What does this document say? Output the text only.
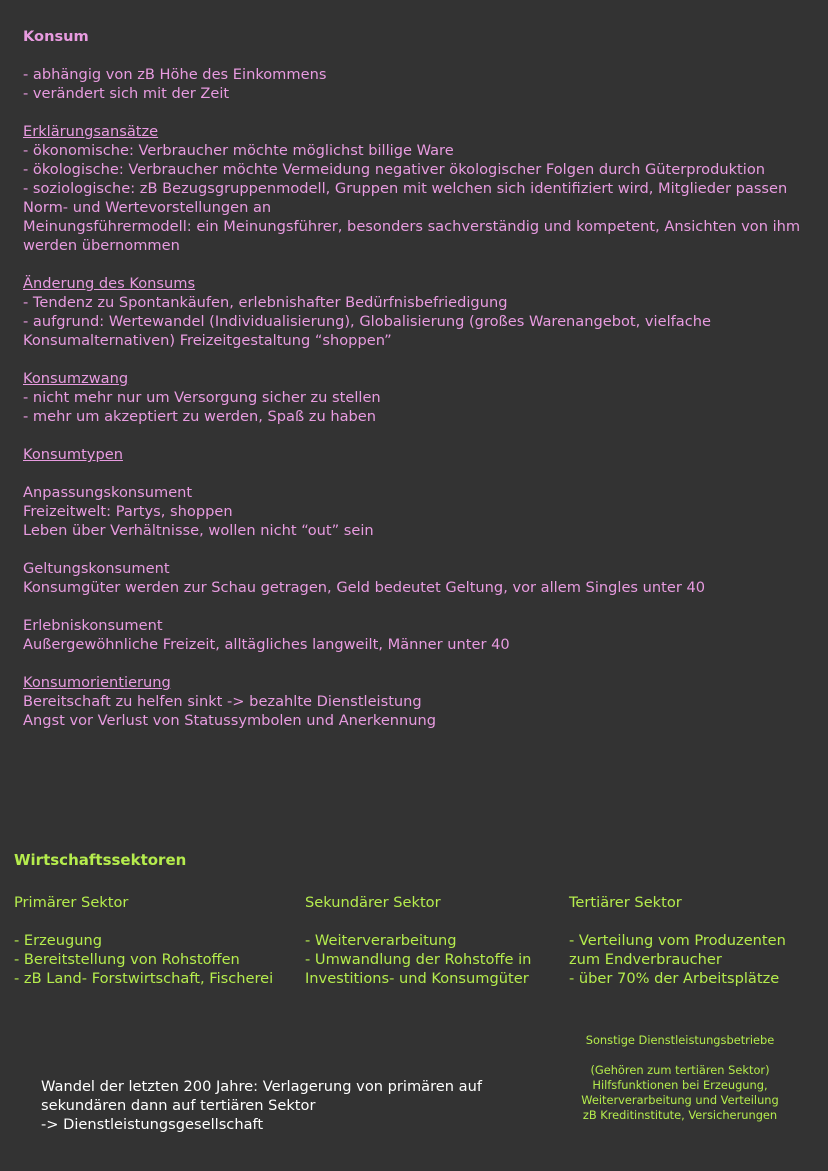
Konsum

- abhängig von zB Höhe des Einkommens

- verändert sich mit der Zeit

Erklärungsansätze

- ökonomische: Verbraucher möchte möglichst billige Ware

- ökologische: Verbraucher möchte Vermeidung negativer ökologischer Folgen durch Güterproduktion

- soziologische: zB Bezugsgruppenmodell, Gruppen mit welchen sich identifiziert wird, Mitglieder passen Norm- und Wertevorstellungen an

Meinungsführermodell: ein Meinungsführer, besonders sachverständig und kompetent, Ansichten von ihm werden übernommen

Änderung des Konsums

- Tendenz zu Spontankäufen, erlebnishafter Bedürfnisbefriedigung

- aufgrund: Wertewandel (Individualisierung), Globalisierung (großes Warenangebot, vielfache Konsumalternativen) Freizeitgestaltung “shoppen”

Konsumzwang

- nicht mehr nur um Versorgung sicher zu stellen

- mehr um akzeptiert zu werden, Spaß zu haben

Konsumtypen

Anpassungskonsument

Freizeitwelt: Partys, shoppen

Leben über Verhältnisse, wollen nicht “out” sein

Geltungskonsument

Konsumgüter werden zur Schau getragen, Geld bedeutet Geltung, vor allem Singles unter 40

Erlebniskonsument

Außergewöhnliche Freizeit, alltägliches langweilt, Männer unter 40

Konsumorientierung

Bereitschaft zu helfen sinkt -> bezahlte Dienstleistung

Angst vor Verlust von Statussymbolen und Anerkennung

Wirtschaftssektoren

Primärer Sektor

- Erzeugung

- Bereitstellung von Rohstoffen

- zB Land- Forstwirtschaft, Fischerei

Sekundärer Sektor

- Weiterverarbeitung

- Umwandlung der Rohstoffe in Investitions- und Konsumgüter

Tertiärer Sektor

- Verteilung vom Produzenten zum Endverbraucher

- über 70% der Arbeitsplätze

Sonstige Dienstleistungsbetriebe

(Gehören zum tertiären Sektor)

Hilfsfunktionen bei Erzeugung, Weiterverarbeitung und Verteilung

zB Kreditinstitute, Versicherungen

Wandel der letzten 200 Jahre: Verlagerung von primären auf sekundären dann auf tertiären Sektor

-> Dienstleistungsgesellschaft
